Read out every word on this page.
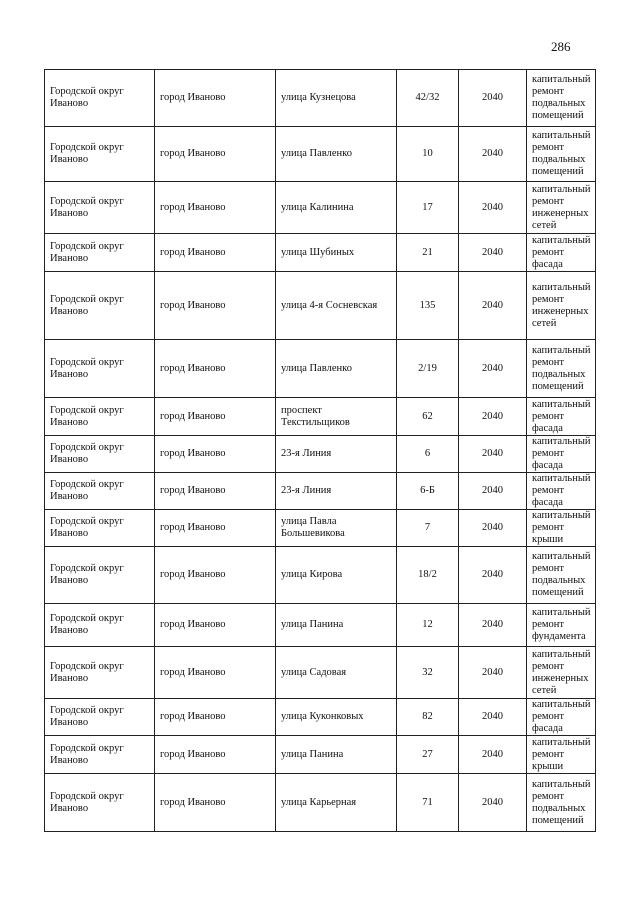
286
Городской округ Иваново	город Иваново	улица Кузнецова	42/32	2040	капитальный ремонт подвальных помещений
Городской округ Иваново	город Иваново	улица Павленко	10	2040	капитальный ремонт подвальных помещений
Городской округ Иваново	город Иваново	улица Калинина	17	2040	капитальный ремонт инженерных сетей
Городской округ Иваново	город Иваново	улица Шубиных	21	2040	капитальный ремонт фасада
Городской округ Иваново	город Иваново	улица 4-я Сосневская	135	2040	капитальный ремонт инженерных сетей
Городской округ Иваново	город Иваново	улица Павленко	2/19	2040	капитальный ремонт подвальных помещений
Городской округ Иваново	город Иваново	проспект Текстильщиков	62	2040	капитальный ремонт фасада
Городской округ Иваново	город Иваново	23-я Линия	6	2040	капитальный ремонт фасада
Городской округ Иваново	город Иваново	23-я Линия	6-Б	2040	капитальный ремонт фасада
Городской округ Иваново	город Иваново	улица Павла Большевикова	7	2040	капитальный ремонт крыши
Городской округ Иваново	город Иваново	улица Кирова	18/2	2040	капитальный ремонт подвальных помещений
Городской округ Иваново	город Иваново	улица Панина	12	2040	капитальный ремонт фундамента
Городской округ Иваново	город Иваново	улица Садовая	32	2040	капитальный ремонт инженерных сетей
Городской округ Иваново	город Иваново	улица Куконковых	82	2040	капитальный ремонт фасада
Городской округ Иваново	город Иваново	улица Панина	27	2040	капитальный ремонт крыши
Городской округ Иваново	город Иваново	улица Карьерная	71	2040	капитальный ремонт подвальных помещений
